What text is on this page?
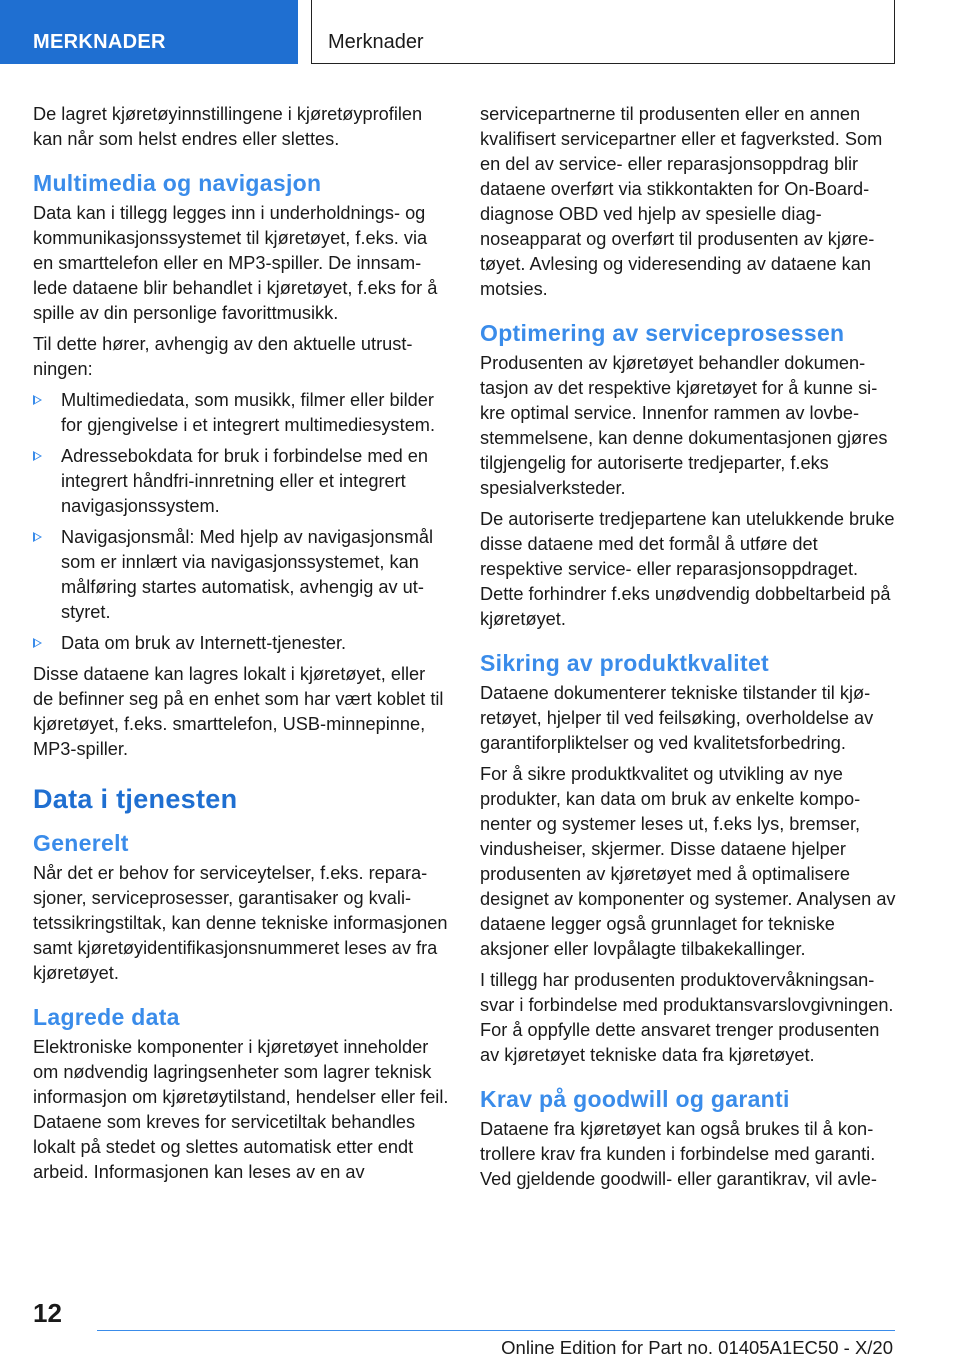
MERKNADER	Merknader

De lagret kjøretøyinnstillingene i kjøretøyprofilen kan når som helst endres eller slettes.

Multimedia og navigasjon

Data kan i tillegg legges inn i underholdnings- og kommunikasjonssystemet til kjøretøyet, f.eks. via en smarttelefon eller en MP3-spiller. De innsamlede dataene blir behandlet i kjøretøyet, f.eks for å spille av din personlige favorittmusikk.

Til dette hører, avhengig av den aktuelle utrustningen:

Multimediedata, som musikk, filmer eller bilder for gjengivelse i et integrert multimediesystem.
Adressebokdata for bruk i forbindelse med en integrert håndfri-innretning eller et integrert navigasjonssystem.
Navigasjonsmål: Med hjelp av navigasjonsmål som er innlært via navigasjonssystemet, kan målføring startes automatisk, avhengig av utstyret.
Data om bruk av Internett-tjenester.

Disse dataene kan lagres lokalt i kjøretøyet, eller de befinner seg på en enhet som har vært koblet til kjøretøyet, f.eks. smarttelefon, USB-minnepinne, MP3-spiller.

Data i tjenesten
Generelt

Når det er behov for serviceytelser, f.eks. reparasjoner, serviceprosesser, garantisaker og kvalitetssikringstiltak, kan denne tekniske informasjonen samt kjøretøyidentifikasjonsnummeret leses av fra kjøretøyet.

Lagrede data

Elektroniske komponenter i kjøretøyet inneholder om nødvendig lagringsenheter som lagrer teknisk informasjon om kjøretøytilstand, hendelser eller feil. Dataene som kreves for servicetiltak behandles lokalt på stedet og slettes automatisk etter endt arbeid. Informasjonen kan leses av en av

servicepartnerne til produsenten eller en annen kvalifisert servicepartner eller et fagverksted. Som en del av service- eller reparasjonsoppdrag blir dataene overført via stikkontakten for On-Board-diagnose OBD ved hjelp av spesielle diagnoseapparat og overført til produsenten av kjøretøyet. Avlesing og videresending av dataene kan motsies.

Optimering av serviceprosessen

Produsenten av kjøretøyet behandler dokumentasjon av det respektive kjøretøyet for å kunne sikre optimal service. Innenfor rammen av lovbestemmelsene, kan denne dokumentasjonen gjøres tilgjengelig for autoriserte tredjeparter, f.eks spesialverksteder.

De autoriserte tredjepartene kan utelukkende bruke disse dataene med det formål å utføre det respektive service- eller reparasjonsoppdraget. Dette forhindrer f.eks unødvendig dobbeltarbeid på kjøretøyet.

Sikring av produktkvalitet

Dataene dokumenterer tekniske tilstander til kjøretøyet, hjelper til ved feilsøking, overholdelse av garantiforpliktelser og ved kvalitetsforbedring.

For å sikre produktkvalitet og utvikling av nye produkter, kan data om bruk av enkelte komponenter og systemer leses ut, f.eks lys, bremser, vindusheiser, skjermer. Disse dataene hjelper produsenten av kjøretøyet med å optimalisere designet av komponenter og systemer. Analysen av dataene legger også grunnlaget for tekniske aksjoner eller lovpålagte tilbakekallinger.

I tillegg har produsenten produktovervåkningsansvar i forbindelse med produktansvarslovgivningen. For å oppfylle dette ansvaret trenger produsenten av kjøretøyet tekniske data fra kjøretøyet.

Krav på goodwill og garanti

Dataene fra kjøretøyet kan også brukes til å kontrollere krav fra kunden i forbindelse med garanti. Ved gjeldende goodwill- eller garantikrav, vil avle-

12
Online Edition for Part no. 01405A1EC50 - X/20
